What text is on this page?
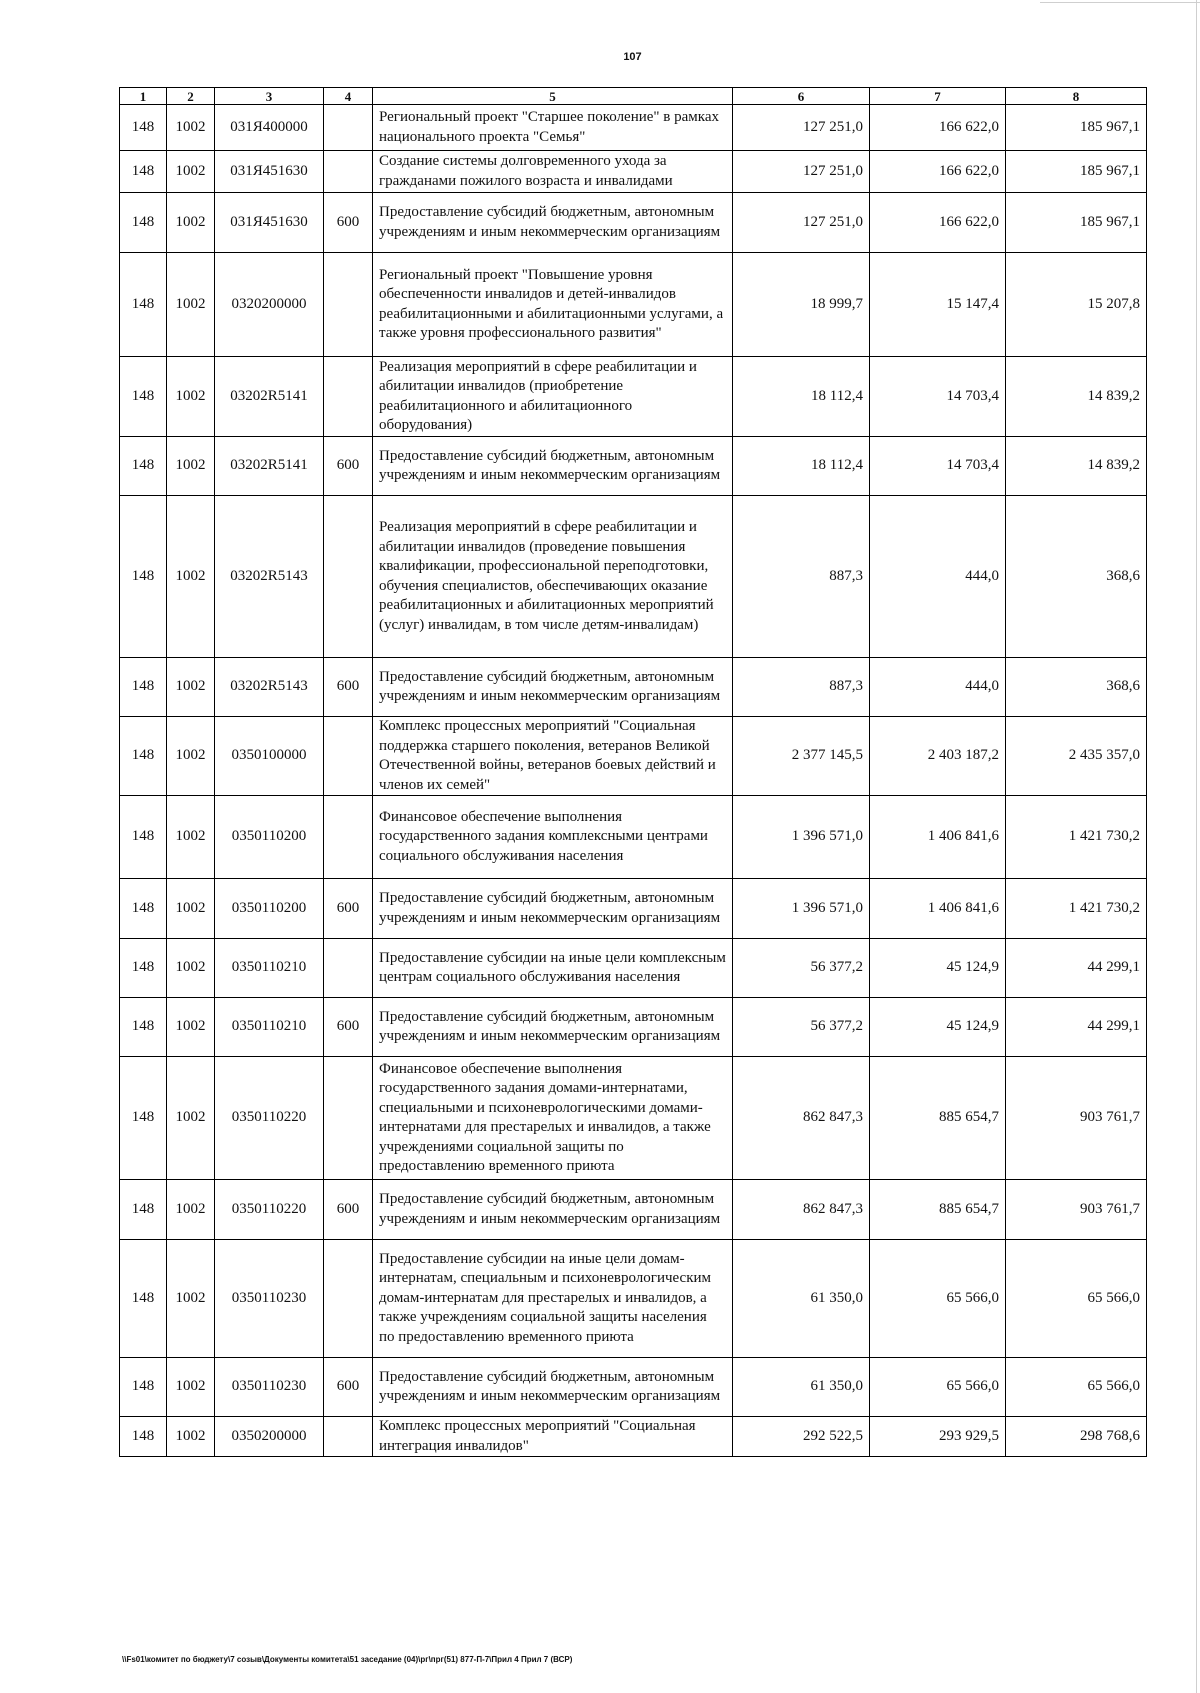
107
1	2	3	4	5	6	7	8
148	1002	031Я400000		Региональный проект "Старшее поколение" в рамках национального проекта "Семья"	127 251,0	166 622,0	185 967,1
148	1002	031Я451630		Создание системы долговременного ухода за гражданами пожилого возраста и инвалидами	127 251,0	166 622,0	185 967,1
148	1002	031Я451630	600	Предоставление субсидий бюджетным, автономным учреждениям и иным некоммерческим организациям	127 251,0	166 622,0	185 967,1
148	1002	0320200000		Региональный проект "Повышение уровня обеспеченности инвалидов и детей-инвалидов реабилитационными и абилитационными услугами, а также уровня профессионального развития"	18 999,7	15 147,4	15 207,8
148	1002	03202R5141		Реализация мероприятий в сфере реабилитации и абилитации инвалидов (приобретение реабилитационного и абилитационного оборудования)	18 112,4	14 703,4	14 839,2
148	1002	03202R5141	600	Предоставление субсидий бюджетным, автономным учреждениям и иным некоммерческим организациям	18 112,4	14 703,4	14 839,2
148	1002	03202R5143		Реализация мероприятий в сфере реабилитации и абилитации инвалидов (проведение повышения квалификации, профессиональной переподготовки, обучения специалистов, обеспечивающих оказание реабилитационных и абилитационных мероприятий (услуг) инвалидам, в том числе детям-инвалидам)	887,3	444,0	368,6
148	1002	03202R5143	600	Предоставление субсидий бюджетным, автономным учреждениям и иным некоммерческим организациям	887,3	444,0	368,6
148	1002	0350100000		Комплекс процессных мероприятий "Социальная поддержка старшего поколения, ветеранов Великой Отечественной войны, ветеранов боевых действий и членов их семей"	2 377 145,5	2 403 187,2	2 435 357,0
148	1002	0350110200		Финансовое обеспечение выполнения государственного задания комплексными центрами социального обслуживания населения	1 396 571,0	1 406 841,6	1 421 730,2
148	1002	0350110200	600	Предоставление субсидий бюджетным, автономным учреждениям и иным некоммерческим организациям	1 396 571,0	1 406 841,6	1 421 730,2
148	1002	0350110210		Предоставление субсидии на иные цели комплексным центрам социального обслуживания населения	56 377,2	45 124,9	44 299,1
148	1002	0350110210	600	Предоставление субсидий бюджетным, автономным учреждениям и иным некоммерческим организациям	56 377,2	45 124,9	44 299,1
148	1002	0350110220		Финансовое обеспечение выполнения государственного задания домами-интернатами, специальными и психоневрологическими домами-интернатами для престарелых и инвалидов, а также учреждениями социальной защиты по предоставлению временного приюта	862 847,3	885 654,7	903 761,7
148	1002	0350110220	600	Предоставление субсидий бюджетным, автономным учреждениям и иным некоммерческим организациям	862 847,3	885 654,7	903 761,7
148	1002	0350110230		Предоставление субсидии на иные цели домам-интернатам, специальным и психоневрологическим домам-интернатам для престарелых и инвалидов, а также учреждениям социальной защиты населения по предоставлению временного приюта	61 350,0	65 566,0	65 566,0
148	1002	0350110230	600	Предоставление субсидий бюджетным, автономным учреждениям и иным некоммерческим организациям	61 350,0	65 566,0	65 566,0
148	1002	0350200000		Комплекс процессных мероприятий "Социальная интеграция инвалидов"	292 522,5	293 929,5	298 768,6
\\Fs01\комитет по бюджету\7 созыв\Документы комитета\51 заседание (04)\рг\прг(51) 877-П-7\Прил 4 Прил 7 (ВСР)
